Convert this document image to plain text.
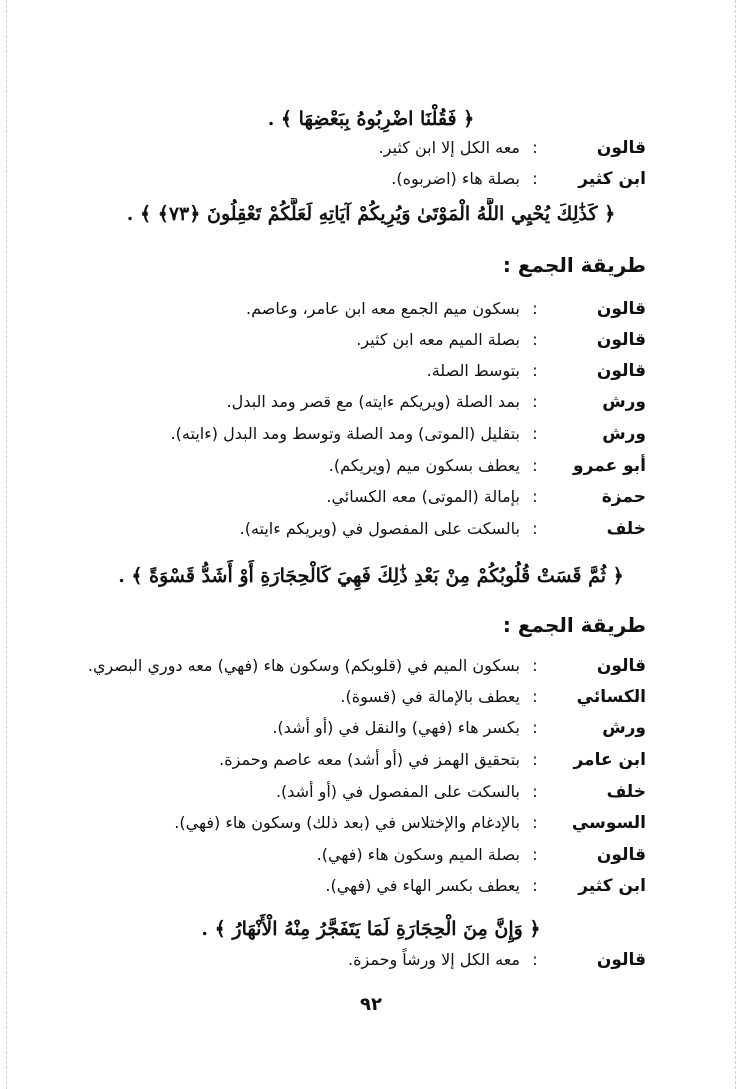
﴿ فَقُلْنَا اضْرِبُوهُ بِبَعْضِهَا ﴾ .
قالون:معه الكل إلا ابن كثير.
ابن كثير:بصلة هاء (اضربوه).
﴿ كَذَٰلِكَ يُحْيِي اللَّهُ الْمَوْتَىٰ وَيُرِيكُمْ آيَاتِهِ لَعَلَّكُمْ تَعْقِلُونَ ﴿٧٣﴾ ﴾ .
طريقة الجمع :
قالون:بسكون ميم الجمع معه ابن عامر، وعاصم.
قالون:بصلة الميم معه ابن كثير.
قالون:بتوسط الصلة.
ورش:بمد الصلة (ويريكم ءايته) مع قصر ومد البدل.
ورش:بتقليل (الموتى) ومد الصلة وتوسط ومد البدل (ءايته).
أبو عمرو:يعطف بسكون ميم (ويريكم).
حمزة:بإمالة (الموتى) معه الكسائي.
خلف:بالسكت على المفصول في (ويريكم ءايته).
﴿ ثُمَّ قَسَتْ قُلُوبُكُمْ مِنْ بَعْدِ ذَٰلِكَ فَهِيَ كَالْحِجَارَةِ أَوْ أَشَدُّ قَسْوَةً ﴾ .
طريقة الجمع :
قالون:بسكون الميم في (قلوبكم) وسكون هاء (فهي) معه دوري البصري.
الكسائي:يعطف بالإمالة في (قسوة).
ورش:بكسر هاء (فهي) والنقل في (أو أشد).
ابن عامر:بتحقيق الهمز في (أو أشد) معه عاصم وحمزة.
خلف:بالسكت على المفصول في (أو أشد).
السوسي:بالإدغام والإختلاس في (بعد ذلك) وسكون هاء (فهي).
قالون:بصلة الميم وسكون هاء (فهي).
ابن كثير:يعطف بكسر الهاء في (فهي).
﴿ وَإِنَّ مِنَ الْحِجَارَةِ لَمَا يَتَفَجَّرُ مِنْهُ الْأَنْهَارُ ﴾ .
قالون:معه الكل إلا ورشاً وحمزة.
٩٢
